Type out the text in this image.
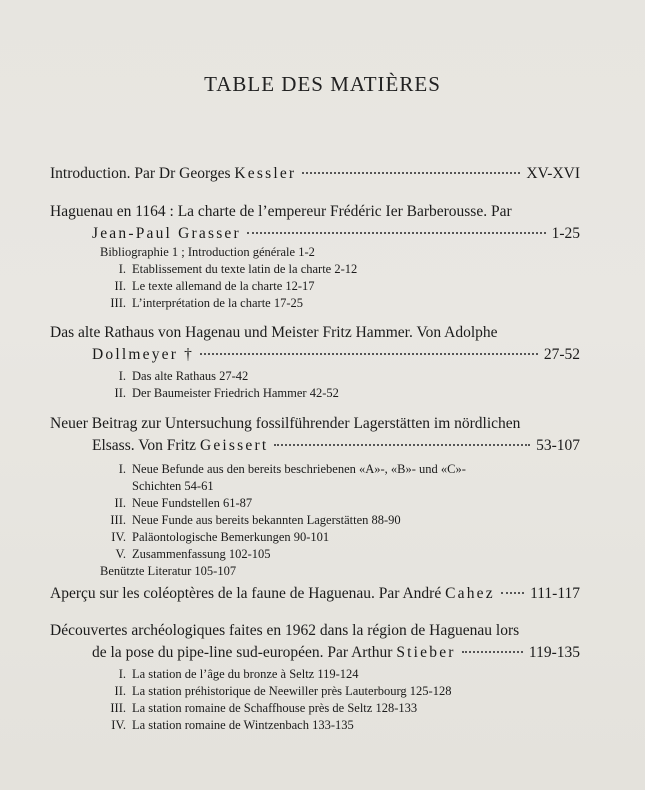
TABLE DES MATIÈRES
Introduction. Par Dr Georges Kessler	XV-XVI
Haguenau en 1164 : La charte de l’empereur Frédéric Ier Barberousse. Par
Jean-Paul Grasser	1-25
Bibliographie 1 ; Introduction générale 1-2
I. Etablissement du texte latin de la charte 2-12
II. Le texte allemand de la charte 12-17
III. L’interprétation de la charte 17-25
Das alte Rathaus von Hagenau und Meister Fritz Hammer. Von Adolphe
Dollmeyer †	27-52
I. Das alte Rathaus 27-42
II. Der Baumeister Friedrich Hammer 42-52
Neuer Beitrag zur Untersuchung fossilführender Lagerstätten im nördlichen
Elsass. Von Fritz Geissert	53-107
I. Neue Befunde aus den bereits beschriebenen «A»-, «B»- und «C»-
Schichten 54-61
II. Neue Fundstellen 61-87
III. Neue Funde aus bereits bekannten Lagerstätten 88-90
IV. Paläontologische Bemerkungen 90-101
V. Zusammenfassung 102-105
Benützte Literatur 105-107
Aperçu sur les coléoptères de la faune de Haguenau. Par André Cahez 111-117
Découvertes archéologiques faites en 1962 dans la région de Haguenau lors
de la pose du pipe-line sud-européen. Par Arthur Stieber	119-135
I. La station de l’âge du bronze à Seltz 119-124
II. La station préhistorique de Neewiller près Lauterbourg 125-128
III. La station romaine de Schaffhouse près de Seltz 128-133
IV. La station romaine de Wintzenbach 133-135
